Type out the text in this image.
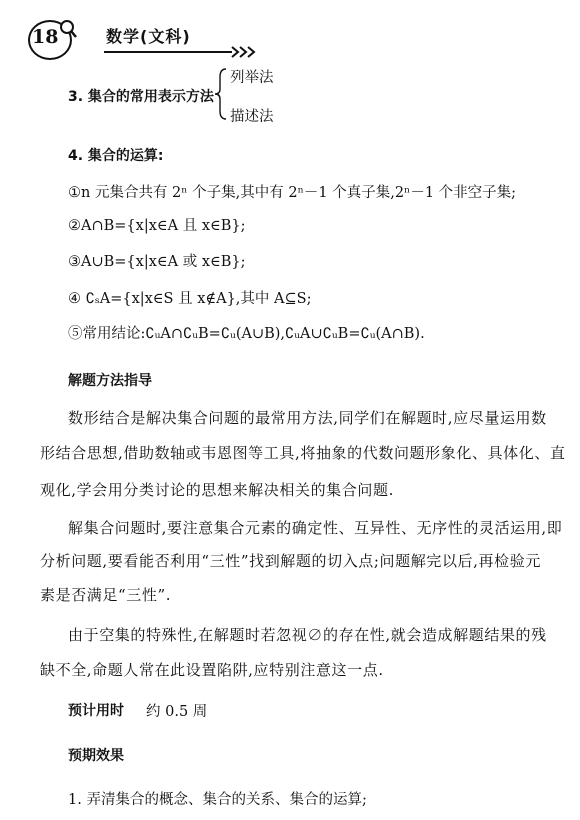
18	数学(文科)
3. 集合的常用表示方法
列举法
描述法
4. 集合的运算:
①n 元集合共有 2ⁿ 个子集,其中有 2ⁿ－1 个真子集,2ⁿ－1 个非空子集;
②A∩B={x|x∈A 且 x∈B};
③A∪B={x|x∈A 或 x∈B};
④ ∁ₛA={x|x∈S 且 x∉A},其中 A⊆S;
⑤常用结论:∁ᵤA∩∁ᵤB=∁ᵤ(A∪B),∁ᵤA∪∁ᵤB=∁ᵤ(A∩B).
解题方法指导
数形结合是解决集合问题的最常用方法,同学们在解题时,应尽量运用数
形结合思想,借助数轴或韦恩图等工具,将抽象的代数问题形象化、具体化、直
观化,学会用分类讨论的思想来解决相关的集合问题.
解集合问题时,要注意集合元素的确定性、互异性、无序性的灵活运用,即
分析问题,要看能否利用“三性”找到解题的切入点;问题解完以后,再检验元
素是否满足“三性”.
由于空集的特殊性,在解题时若忽视∅的存在性,就会造成解题结果的残
缺不全,命题人常在此设置陷阱,应特别注意这一点.
预计用时 约 0.5 周
预期效果
1. 弄清集合的概念、集合的关系、集合的运算;
